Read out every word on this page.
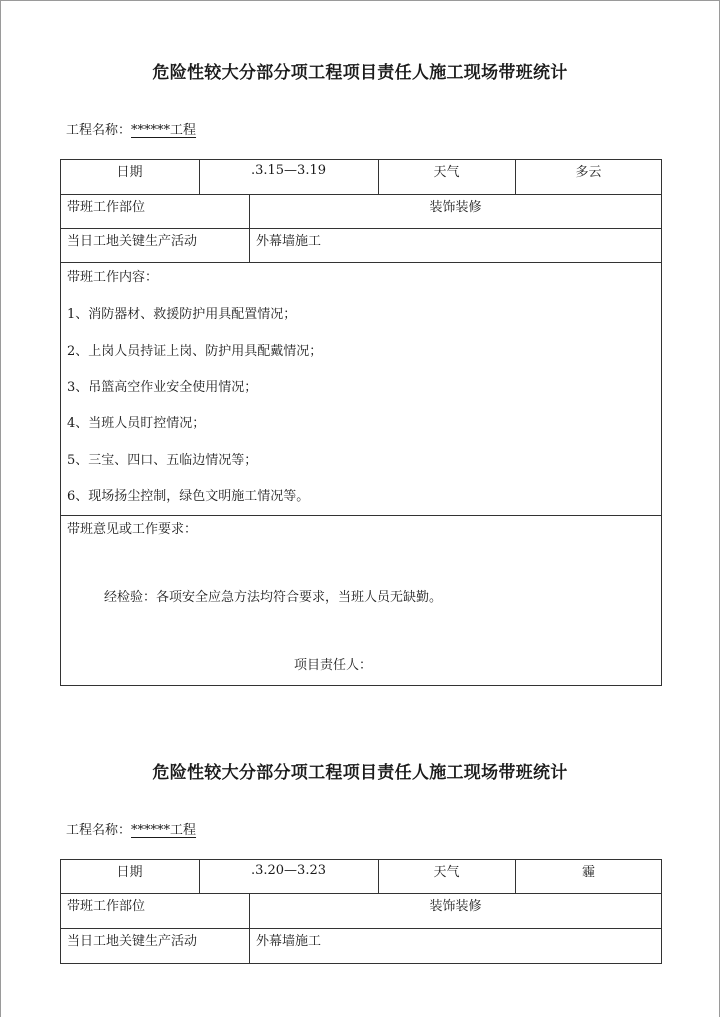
危险性较大分部分项工程项目责任人施工现场带班统计
工程名称：******工程
日期	.3.15—3.19	天气	多云
带班工作部位	装饰装修
当日工地关键生产活动	外幕墙施工
带班工作内容：
1、消防器材、救援防护用具配置情况；
2、上岗人员持证上岗、防护用具配戴情况；
3、吊篮高空作业安全使用情况；
4、当班人员盯控情况；
5、三宝、四口、五临边情况等；
6、现场扬尘控制，绿色文明施工情况等。
带班意见或工作要求：
经检验：各项安全应急方法均符合要求，当班人员无缺勤。
项目责任人：
危险性较大分部分项工程项目责任人施工现场带班统计
工程名称：******工程
日期	.3.20—3.23	天气	霾
带班工作部位	装饰装修
当日工地关键生产活动	外幕墙施工
